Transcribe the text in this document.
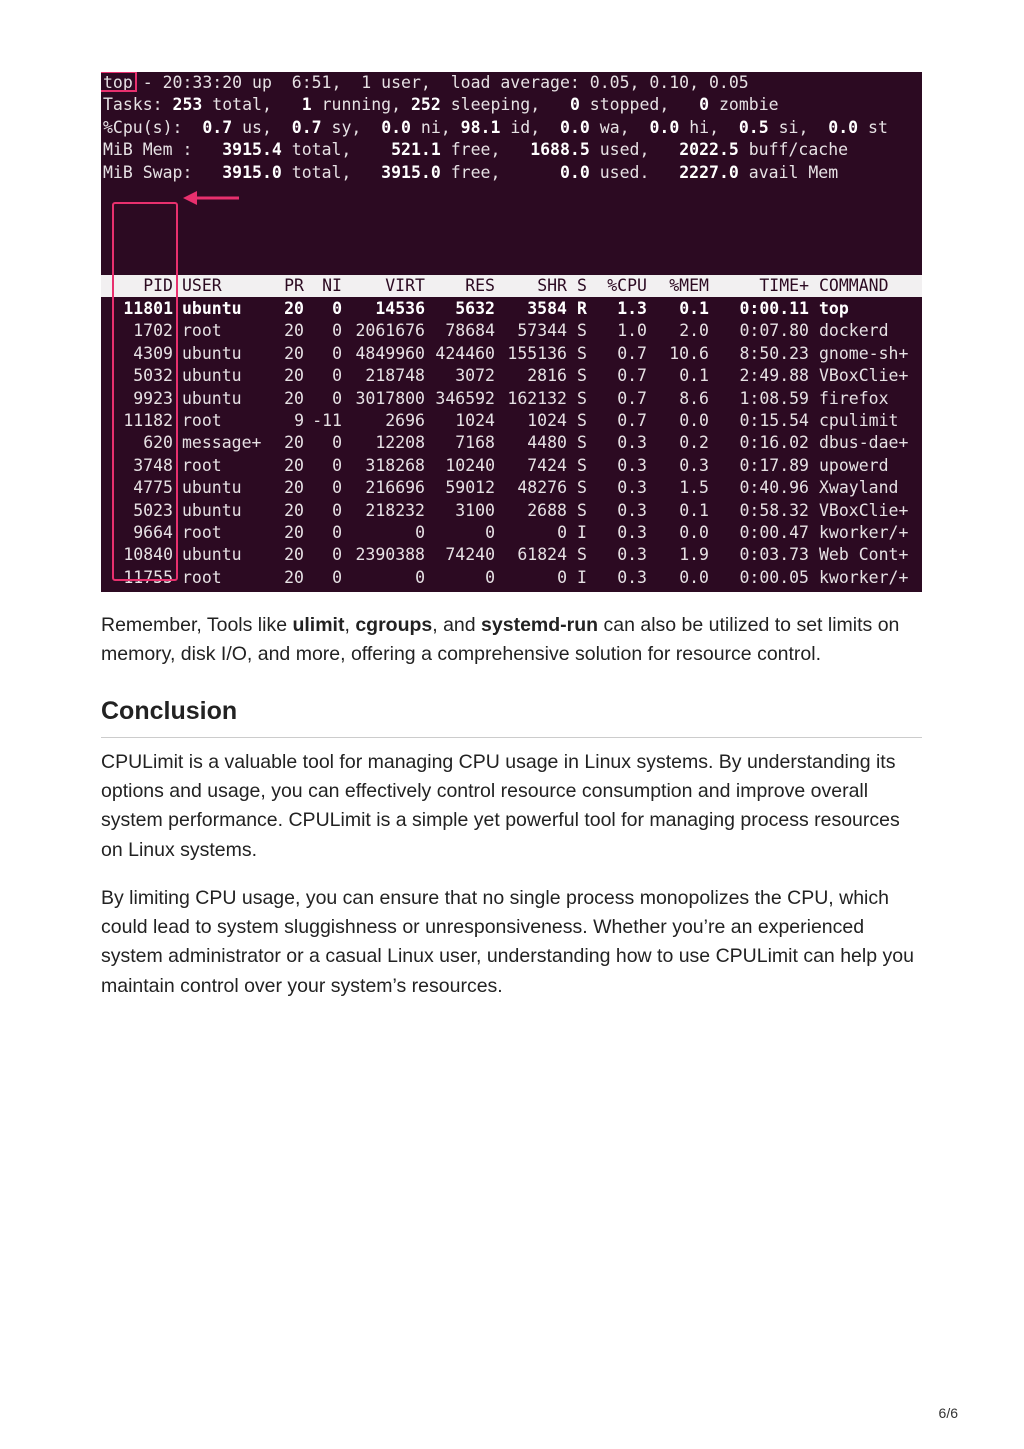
top - 20:33:20 up  6:51,  1 user,  load average: 0.05, 0.10, 0.05
Tasks: 253 total,   1 running, 252 sleeping,   0 stopped,   0 zombie
%Cpu(s):  0.7 us,  0.7 sy,  0.0 ni, 98.1 id,  0.0 wa,  0.0 hi,  0.5 si,  0.0 st
MiB Mem :   3915.4 total,    521.1 free,   1688.5 used,   2022.5 buff/cache
MiB Swap:   3915.0 total,   3915.0 free,      0.0 used.   2227.0 avail Mem
PID USER	PR NI	VIRT RES	SHR S %CPU %MEM	TIME+ COMMAND
11801 ubuntu	20 0 14536 5632 3584 R 1.3 0.1 0:00.11 top
1702 root	20 0 2061676 78684 57344 S 1.0 2.0 0:07.80 dockerd
4309 ubuntu	20 0 4849960 424460 155136 S 0.7 10.6 8:50.23 gnome-sh+
5032 ubuntu	20 0 218748 3072 2816 S 0.7 0.1 2:49.88 VBoxClie+
9923 ubuntu	20 0 3017800 346592 162132 S 0.7 8.6 1:08.59 firefox
11182 root	9 -11	2696 1024 1024 S 0.7 0.0 0:15.54 cpulimit
620 message+ 20 0 12208 7168 4480 S 0.3 0.2 0:16.02 dbus-dae+
3748 root	20 0 318268 10240 7424 S 0.3 0.3 0:17.89 upowerd
4775 ubuntu	20 0 216696 59012 48276 S 0.3 1.5 0:40.96 Xwayland
5023 ubuntu	20 0 218232 3100 2688 S 0.3 0.1 0:58.32 VBoxClie+
9664 root	20 0	0	0	0 I 0.3 0.0 0:00.47 kworker/+
10840 ubuntu	20 0 2390388 74240 61824 S 0.3 1.9 0:03.73 Web Cont+
11755 root	20 0	0	0	0 I 0.3 0.0 0:00.05 kworker/+

Remember, Tools like ulimit, cgroups, and systemd-run can also be utilized to set limits on memory, disk I/O, and more, offering a comprehensive solution for resource control.

Conclusion

CPULimit is a valuable tool for managing CPU usage in Linux systems. By understanding its options and usage, you can effectively control resource consumption and improve overall system performance. CPULimit is a simple yet powerful tool for managing process resources on Linux systems.

By limiting CPU usage, you can ensure that no single process monopolizes the CPU, which could lead to system sluggishness or unresponsiveness. Whether you’re an experienced system administrator or a casual Linux user, understanding how to use CPULimit can help you maintain control over your system’s resources.

6/6
